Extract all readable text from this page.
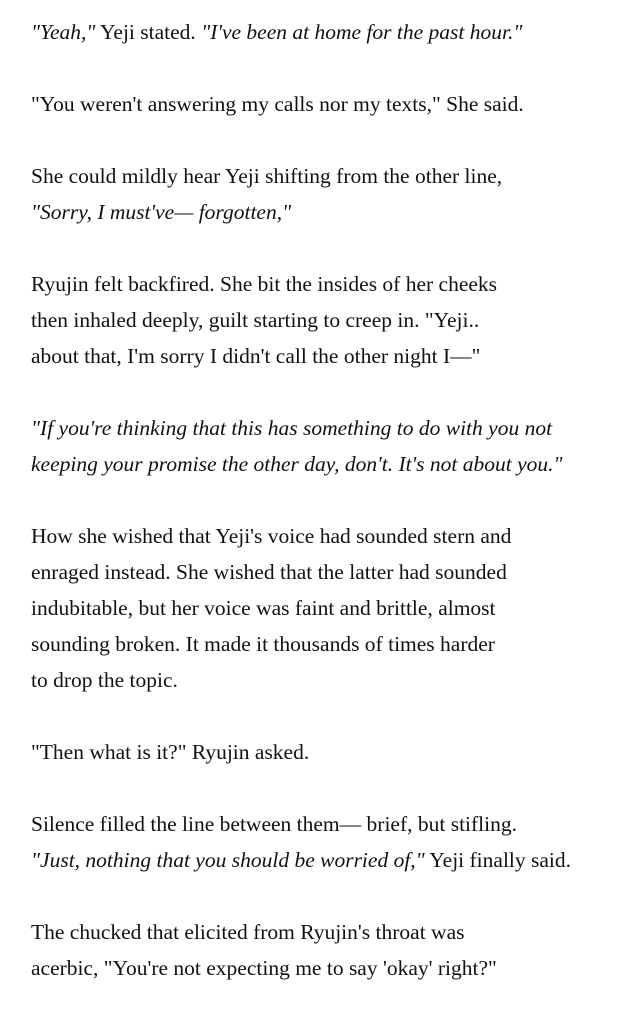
"Yeah," Yeji stated. "I've been at home for the past hour."
"You weren't answering my calls nor my texts," She said.
She could mildly hear Yeji shifting from the other line,
"Sorry, I must've— forgotten,"
Ryujin felt backfired. She bit the insides of her cheeks
then inhaled deeply, guilt starting to creep in. "Yeji..
about that, I'm sorry I didn't call the other night I—"
"If you're thinking that this has something to do with you not
keeping your promise the other day, don't. It's not about you."
How she wished that Yeji's voice had sounded stern and
enraged instead. She wished that the latter had sounded
indubitable, but her voice was faint and brittle, almost
sounding broken. It made it thousands of times harder
to drop the topic.
"Then what is it?" Ryujin asked.
Silence filled the line between them— brief, but stifling.
"Just, nothing that you should be worried of," Yeji finally said.
The chucked that elicited from Ryujin's throat was
acerbic, "You're not expecting me to say 'okay' right?"
